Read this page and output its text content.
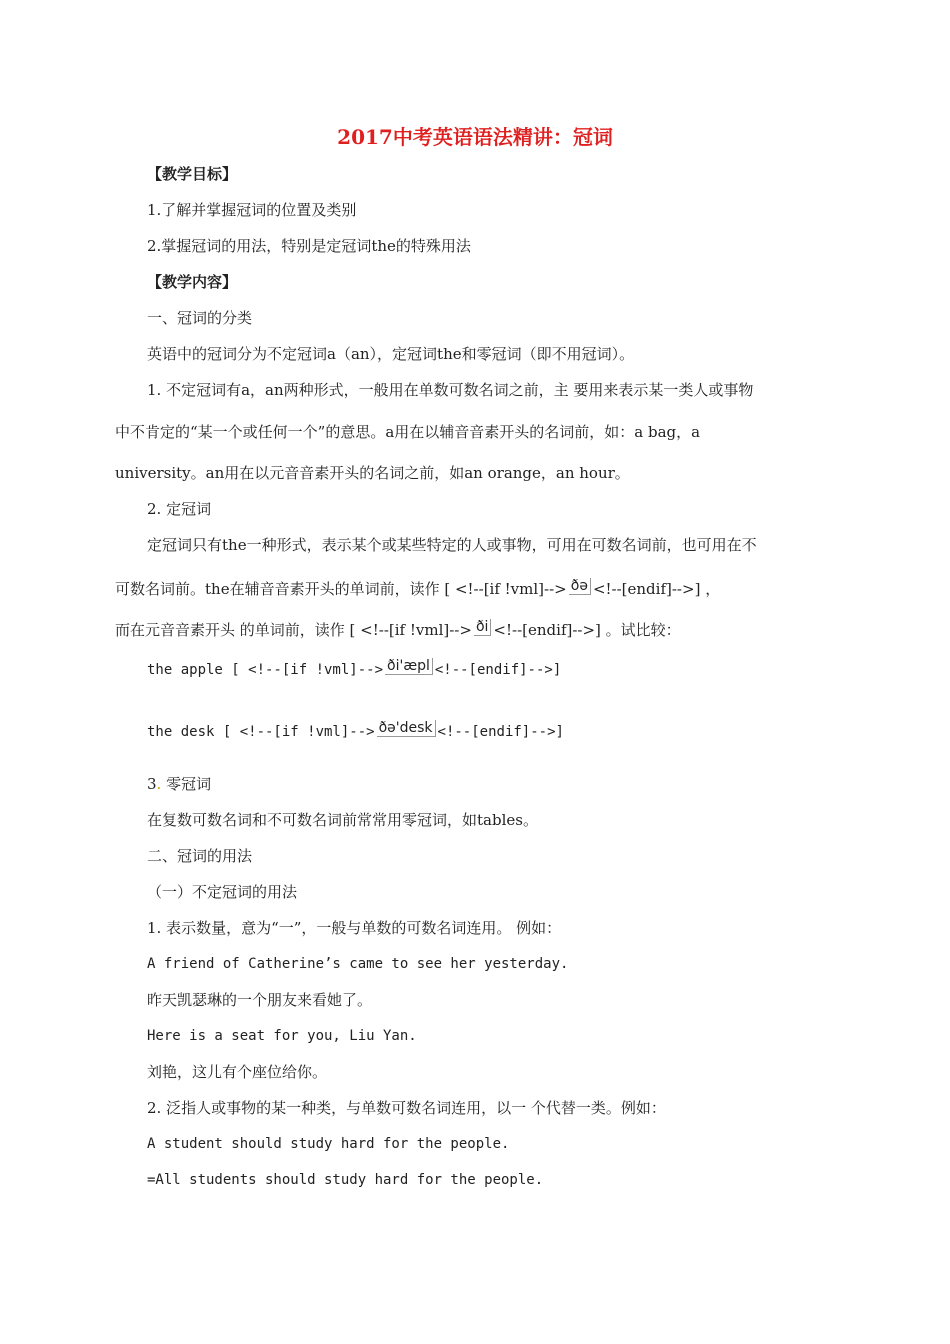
2017中考英语语法精讲：冠词
【教学目标】
1.了解并掌握冠词的位置及类别
2.掌握冠词的用法，特别是定冠词the的特殊用法
【教学内容】
一、冠词的分类
英语中的冠词分为不定冠词a（an），定冠词the和零冠词（即不用冠词）。
1. 不定冠词有a，an两种形式，一般用在单数可数名词之前，主 要用来表示某一类人或事物
中不肯定的“某一个或任何一个”的意思。a用在以辅音音素开头的名词前，如：a bag，a
university。an用在以元音音素开头的名词之前，如an orange，an hour。
2. 定冠词
定冠词只有the一种形式，表示某个或某些特定的人或事物，可用在可数名词前，也可用在不
可数名词前。the在辅音音素开头的单词前，读作 [ <!--[if !vml]--> ðə <!--[endif]-->] ，
而在元音音素开头 的单词前，读作 [ <!--[if !vml]--> ði <!--[endif]-->] 。试比较：
the apple [ <!--[if !vml]--> ði'æpl <!--[endif]-->]
the desk [ <!--[if !vml]--> ðə'desk <!--[endif]-->]
3. 零冠词
在复数可数名词和不可数名词前常常用零冠词，如tables。
二、冠词的用法
（一）不定冠词的用法
1. 表示数量，意为“一”，一般与单数的可数名词连用。 例如：
A friend of Catherine’s came to see her yesterday.
昨天凯瑟琳的一个朋友来看她了。
Here is a seat for you, Liu Yan.
刘艳，这儿有个座位给你。
2. 泛指人或事物的某一种类，与单数可数名词连用，以一 个代替一类。例如：
A student should study hard for the people.
=All students should study hard for the people.
